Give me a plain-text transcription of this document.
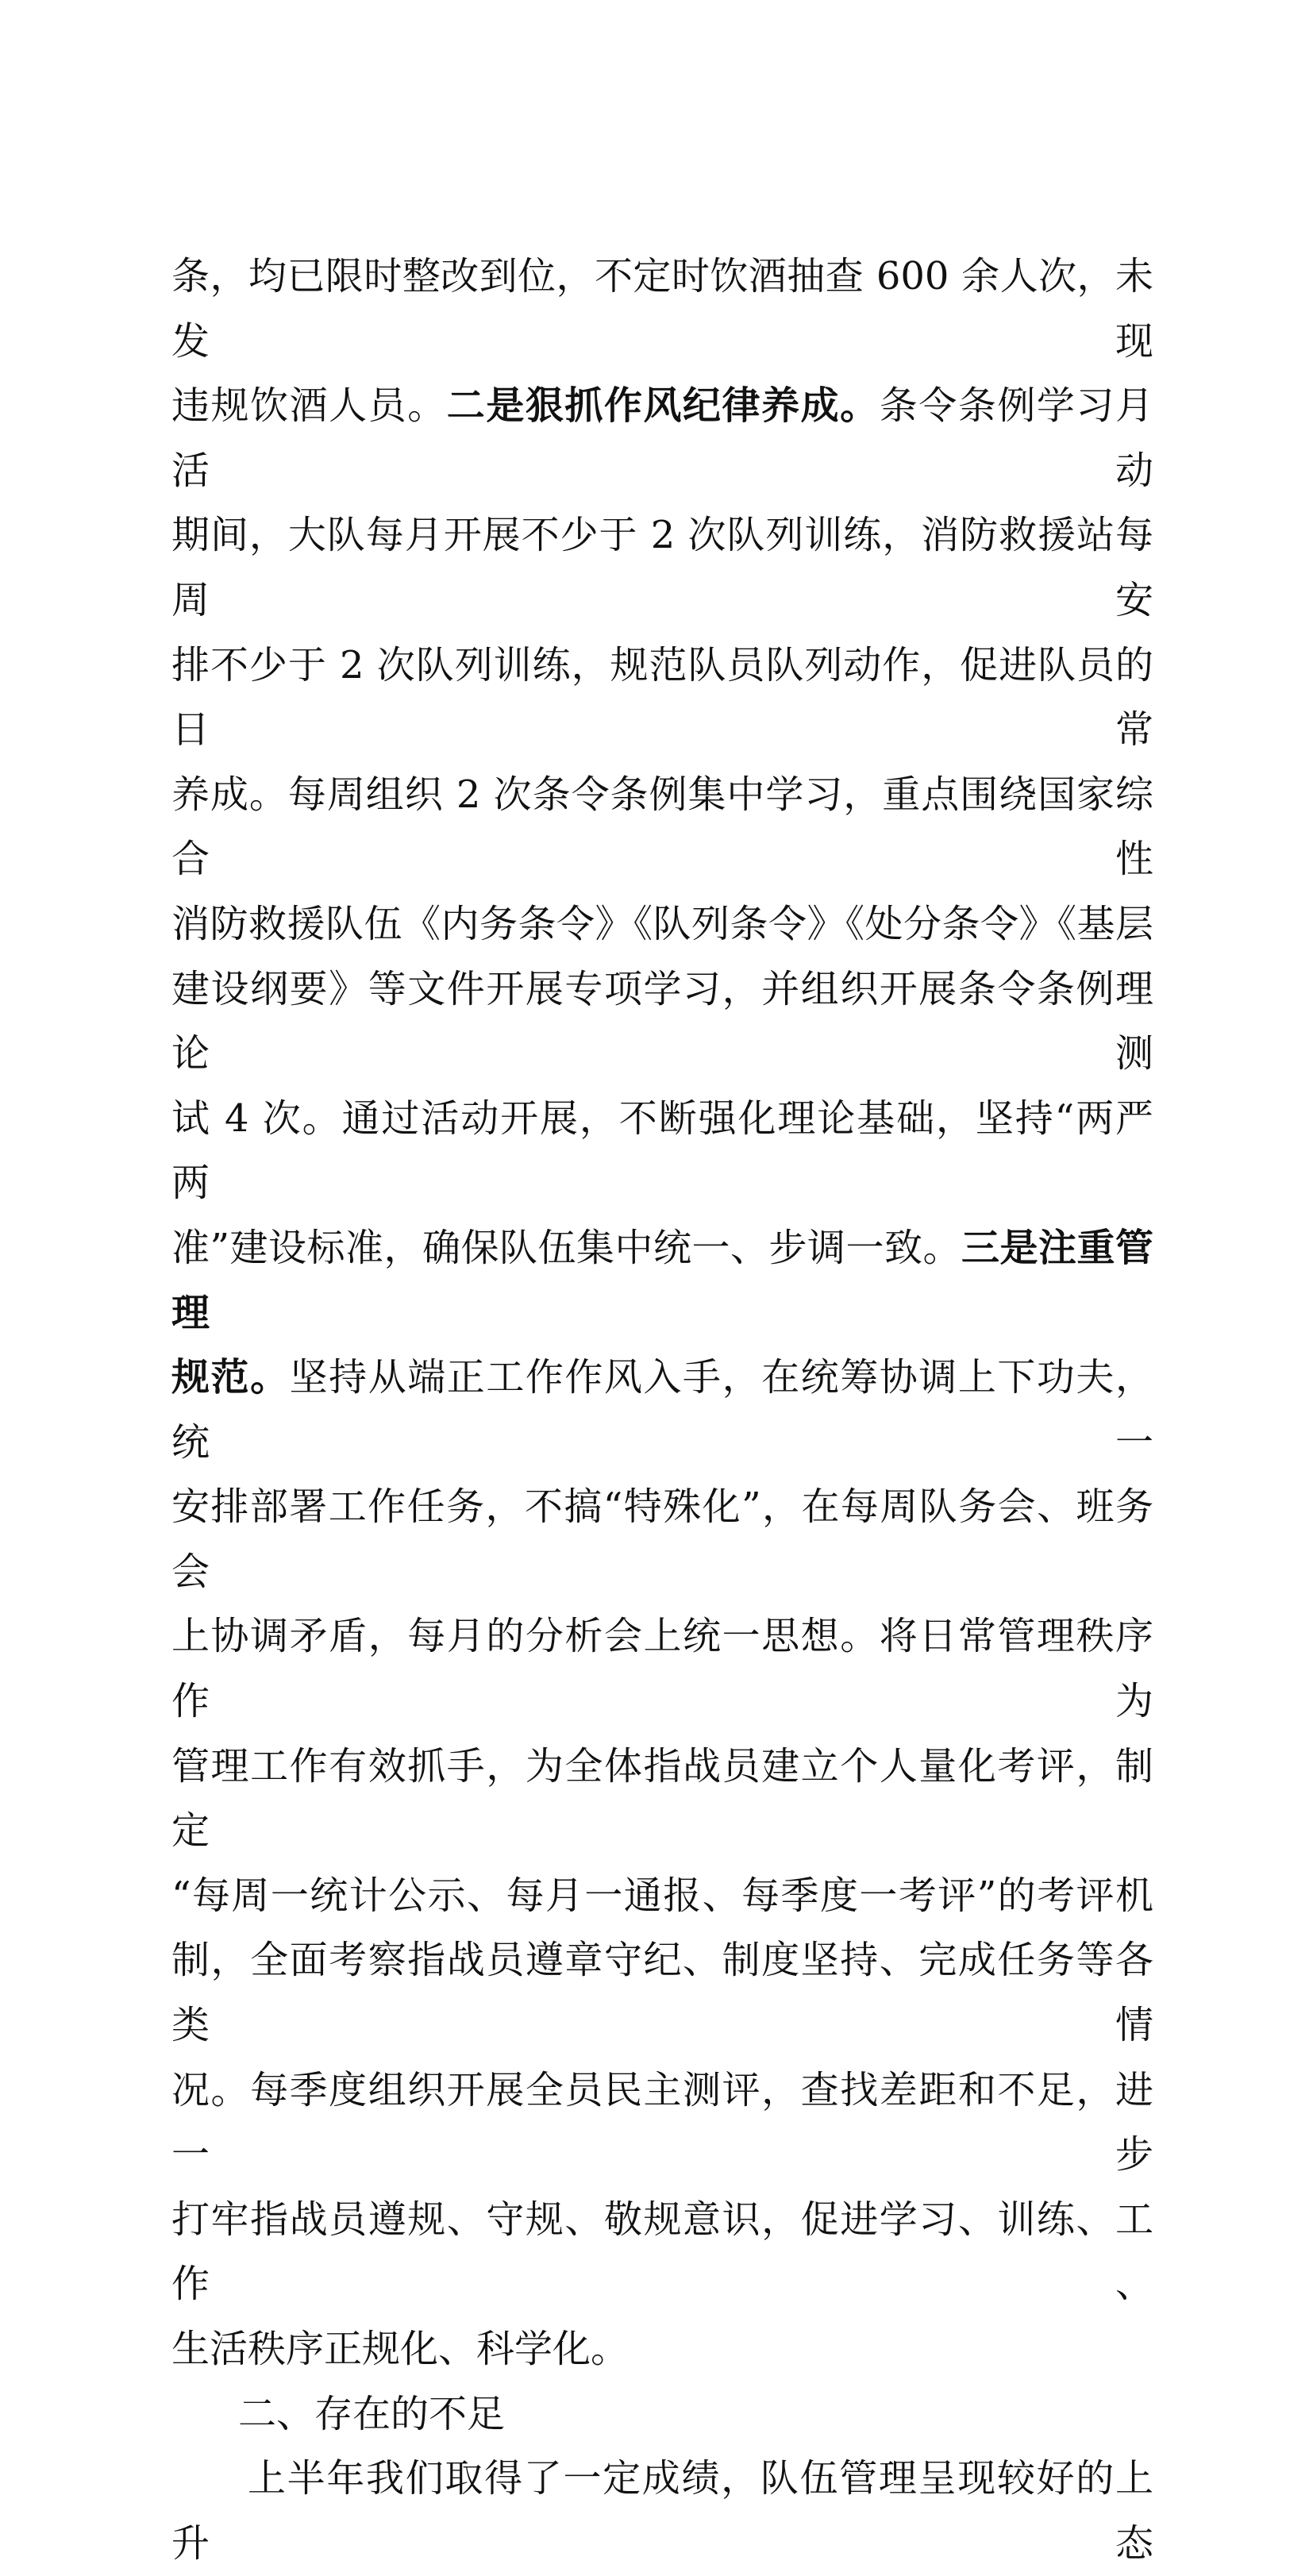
条，均已限时整改到位，不定时饮酒抽查 600 余人次，未发现

违规饮酒人员。二是狠抓作风纪律养成。条令条例学习月活动

期间，大队每月开展不少于 2 次队列训练，消防救援站每周安

排不少于 2 次队列训练，规范队员队列动作，促进队员的日常

养成。每周组织 2 次条令条例集中学习，重点围绕国家综合性

消防救援队伍《内务条令》《队列条令》《处分条令》《基层

建设纲要》等文件开展专项学习，并组织开展条令条例理论测

试 4 次。通过活动开展，不断强化理论基础，坚持“两严两

准”建设标准，确保队伍集中统一、步调一致。三是注重管理

规范。坚持从端正工作作风入手，在统筹协调上下功夫，统一

安排部署工作任务，不搞“特殊化”，在每周队务会、班务会

上协调矛盾，每月的分析会上统一思想。将日常管理秩序作为

管理工作有效抓手，为全体指战员建立个人量化考评，制定

“每周一统计公示、每月一通报、每季度一考评”的考评机

制，全面考察指战员遵章守纪、制度坚持、完成任务等各类情

况。每季度组织开展全员民主测评，查找差距和不足，进一步

打牢指战员遵规、守规、敬规意识，促进学习、训练、工作、

生活秩序正规化、科学化。

二、存在的不足

上半年我们取得了一定成绩，队伍管理呈现较好的上升态
